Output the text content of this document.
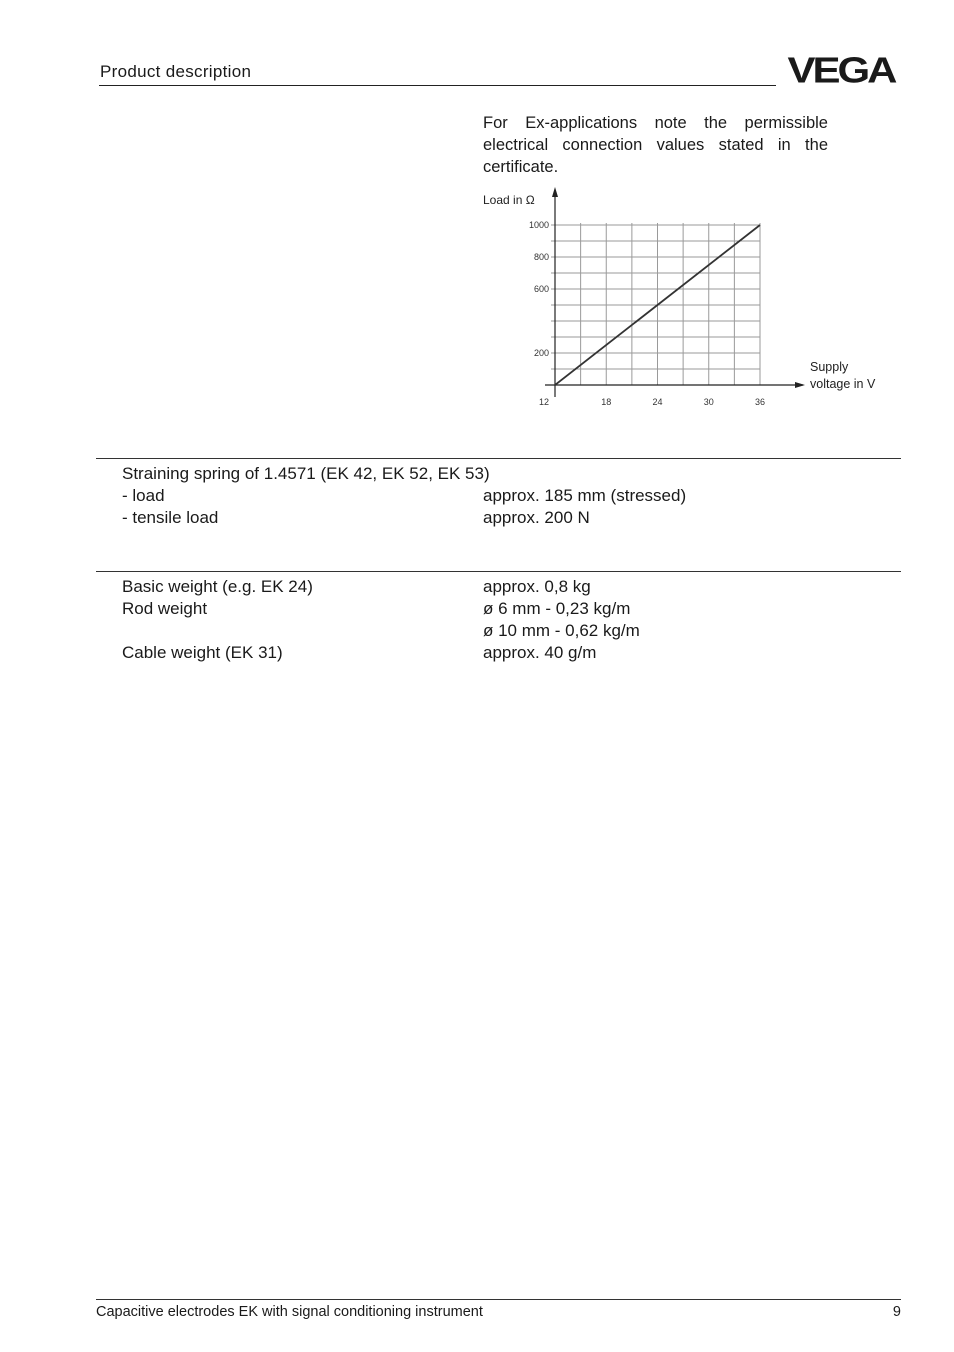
Product description	VEGA
For Ex-applications note the permissible electrical connection values stated in the certificate.
200
600
800
1000
12	18	24	30	36
Load in Ω
Supply
voltage in V
Straining spring of 1.4571 (EK 42, EK 52, EK 53)
- load	approx. 185 mm (stressed)
- tensile load	approx. 200 N
Basic weight (e.g. EK 24)	approx. 0,8 kg
Rod weight	ø 6 mm - 0,23 kg/m
ø 10 mm - 0,62 kg/m
Cable weight (EK 31)	approx. 40 g/m
Capacitive electrodes EK with signal conditioning instrument	9
